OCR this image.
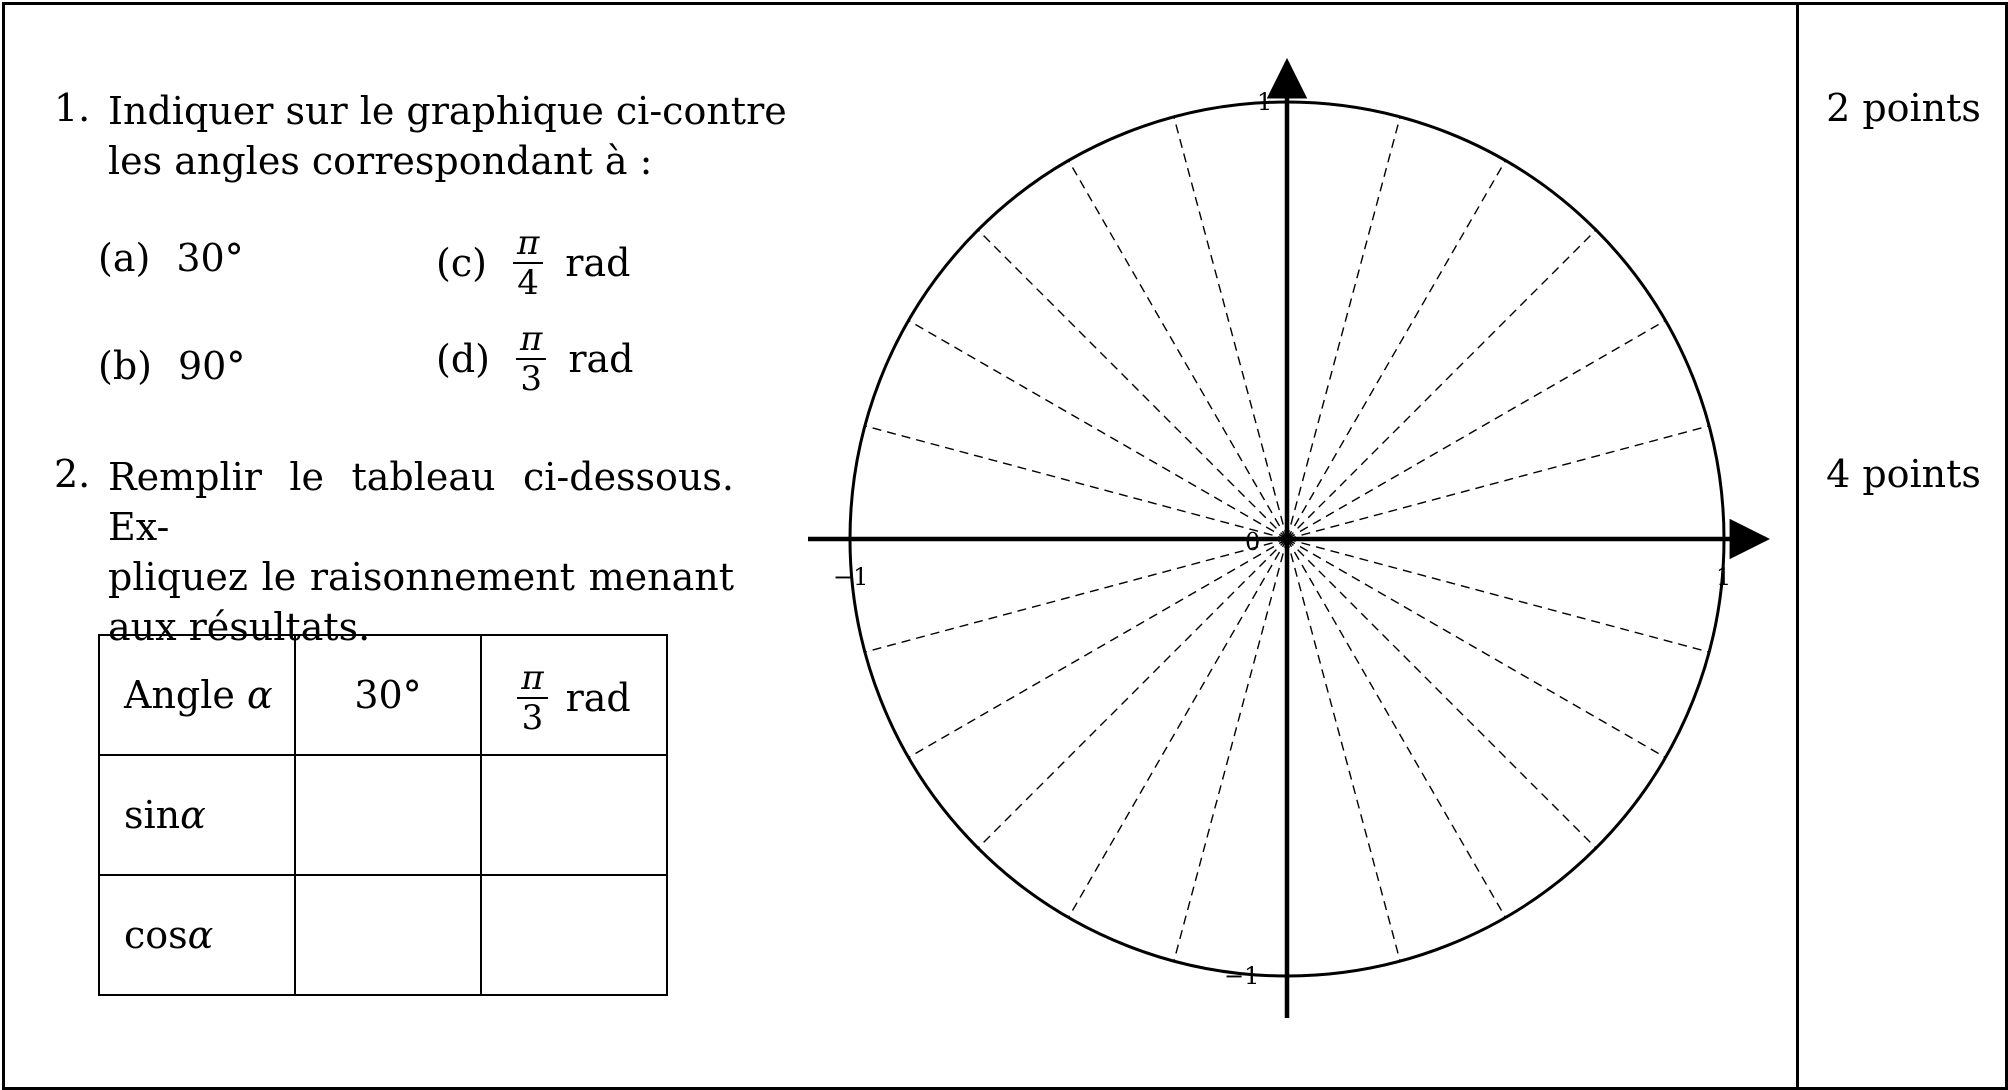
1. Indiquer sur le graphique ci-contre
les angles correspondant à :
(a) 30°
(b) 90°
$(c) \frac{\pi}{4}$ rad
$(d) \frac{\pi}{3}$ rad
2. Remplir le tableau ci-dessous. Ex-
pliquez le raisonnement menant
aux résultats.
Angle α	30°	$\frac{\pi}{3}$ rad

sinα		
cosα		
2 points
4 points
1
−1
−1	1
0
